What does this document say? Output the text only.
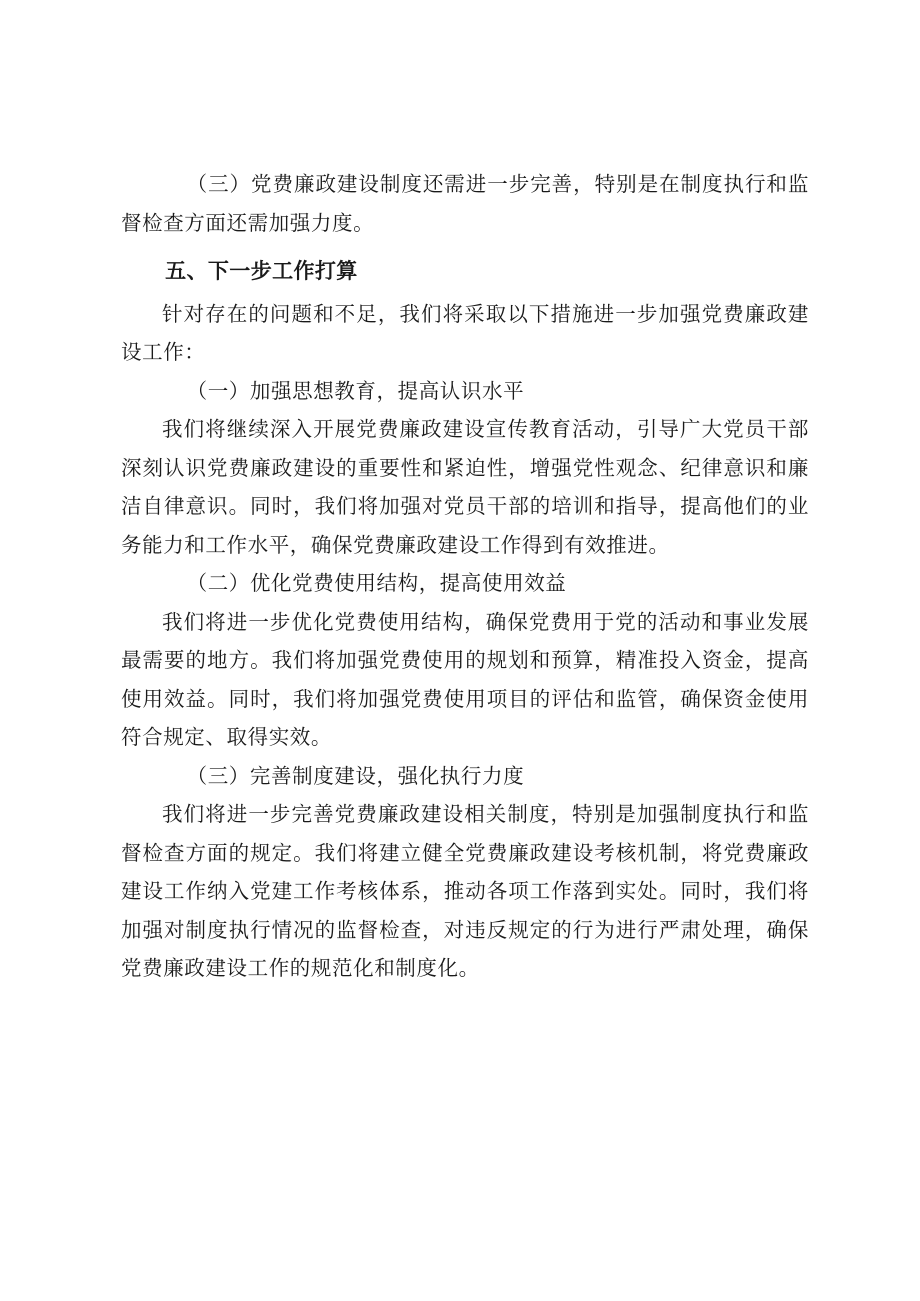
（三）党费廉政建设制度还需进一步完善，特别是在制度执行和监督检查方面还需加强力度。

五、下一步工作打算

针对存在的问题和不足，我们将采取以下措施进一步加强党费廉政建设工作：

（一）加强思想教育，提高认识水平

我们将继续深入开展党费廉政建设宣传教育活动，引导广大党员干部深刻认识党费廉政建设的重要性和紧迫性，增强党性观念、纪律意识和廉洁自律意识。同时，我们将加强对党员干部的培训和指导，提高他们的业务能力和工作水平，确保党费廉政建设工作得到有效推进。

（二）优化党费使用结构，提高使用效益

我们将进一步优化党费使用结构，确保党费用于党的活动和事业发展最需要的地方。我们将加强党费使用的规划和预算，精准投入资金，提高使用效益。同时，我们将加强党费使用项目的评估和监管，确保资金使用符合规定、取得实效。

（三）完善制度建设，强化执行力度

我们将进一步完善党费廉政建设相关制度，特别是加强制度执行和监督检查方面的规定。我们将建立健全党费廉政建设考核机制，将党费廉政建设工作纳入党建工作考核体系，推动各项工作落到实处。同时，我们将加强对制度执行情况的监督检查，对违反规定的行为进行严肃处理，确保党费廉政建设工作的规范化和制度化。
